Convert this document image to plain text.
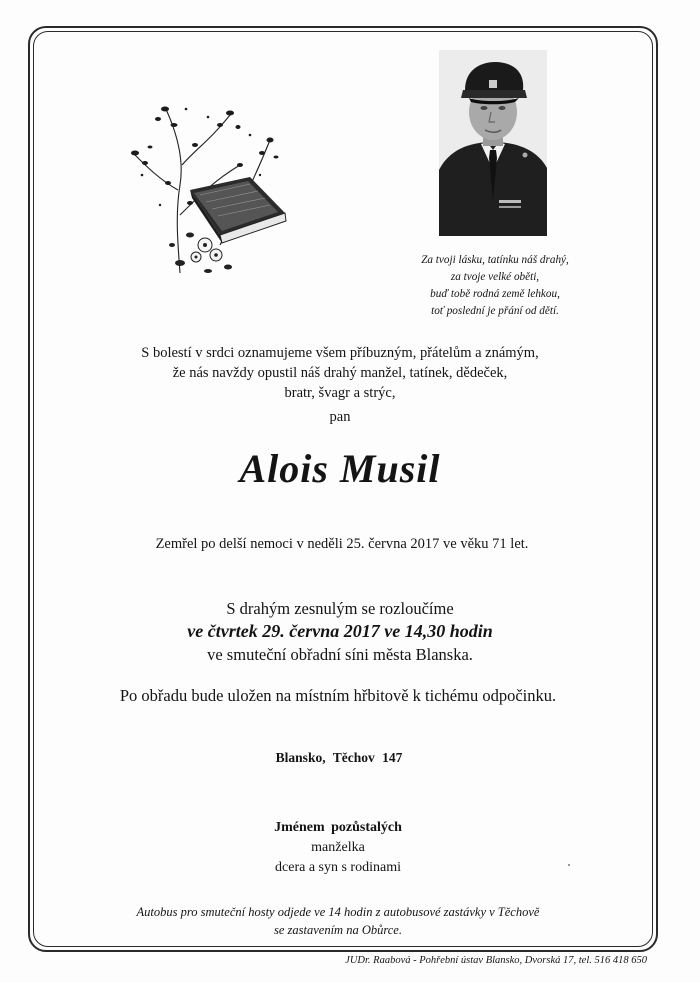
Za tvoji lásku, tatínku náš drahý,
za tvoje velké oběti,
buď tobě rodná země lehkou,
toť poslední je přání od dětí.
S bolestí v srdci oznamujeme všem příbuzným, přátelům a známým,
že nás navždy opustil náš drahý manžel, tatínek, dědeček,
bratr, švagr a strýc,
pan
Alois Musil
Zemřel po delší nemoci v neděli 25. června 2017 ve věku 71 let.
S drahým zesnulým se rozloučíme
ve čtvrtek 29. června 2017 ve 14,30 hodin
ve smuteční obřadní síni města Blanska.
Po obřadu bude uložen na místním hřbitově k tichému odpočinku.
Blansko, Těchov 147
Jménem pozůstalých
manželka
dcera a syn s rodinami
Autobus pro smuteční hosty odjede ve 14 hodin z autobusové zastávky v Těchově
se zastavením na Obůrce.
JUDr. Raabová - Pohřební ústav Blansko, Dvorská 17, tel. 516 418 650
